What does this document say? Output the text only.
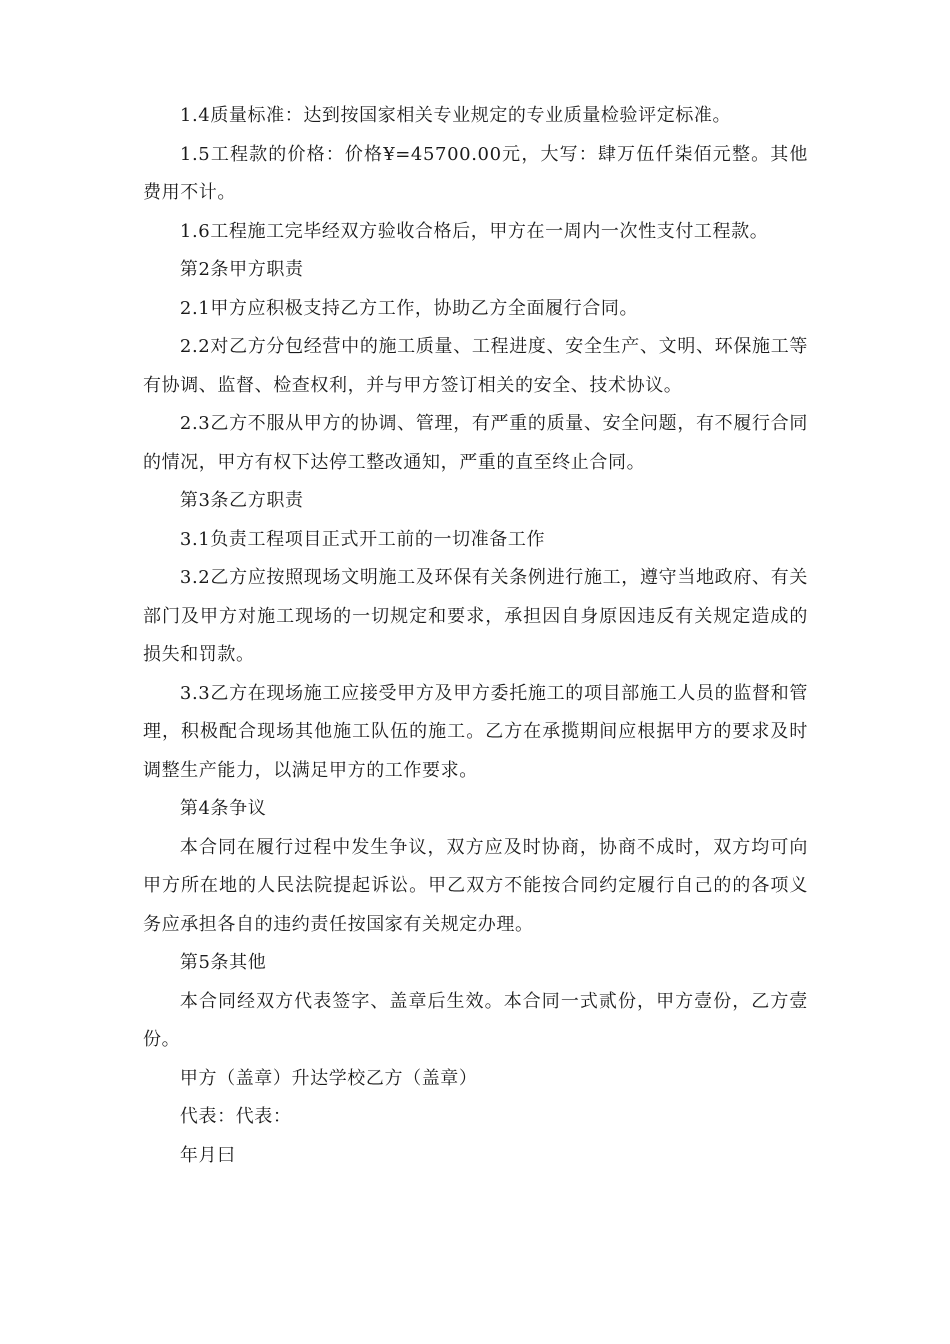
1.4质量标准：达到按国家相关专业规定的专业质量检验评定标准。

1.5工程款的价格：价格¥=45700.00元，大写：肆万伍仟柒佰元整。其他费用不计。

1.6工程施工完毕经双方验收合格后，甲方在一周内一次性支付工程款。

第2条甲方职责

2.1甲方应积极支持乙方工作，协助乙方全面履行合同。

2.2对乙方分包经营中的施工质量、工程进度、安全生产、文明、环保施工等有协调、监督、检查权利，并与甲方签订相关的安全、技术协议。

2.3乙方不服从甲方的协调、管理，有严重的质量、安全问题，有不履行合同的情况，甲方有权下达停工整改通知，严重的直至终止合同。

第3条乙方职责

3.1负责工程项目正式开工前的一切准备工作

3.2乙方应按照现场文明施工及环保有关条例进行施工，遵守当地政府、有关部门及甲方对施工现场的一切规定和要求，承担因自身原因违反有关规定造成的损失和罚款。

3.3乙方在现场施工应接受甲方及甲方委托施工的项目部施工人员的监督和管理，积极配合现场其他施工队伍的施工。乙方在承揽期间应根据甲方的要求及时调整生产能力，以满足甲方的工作要求。

第4条争议

本合同在履行过程中发生争议，双方应及时协商，协商不成时，双方均可向甲方所在地的人民法院提起诉讼。甲乙双方不能按合同约定履行自己的的各项义务应承担各自的违约责任按国家有关规定办理。

第5条其他

本合同经双方代表签字、盖章后生效。本合同一式贰份，甲方壹份，乙方壹份。

甲方（盖章）升达学校乙方（盖章）

代表：代表：

年月曰
